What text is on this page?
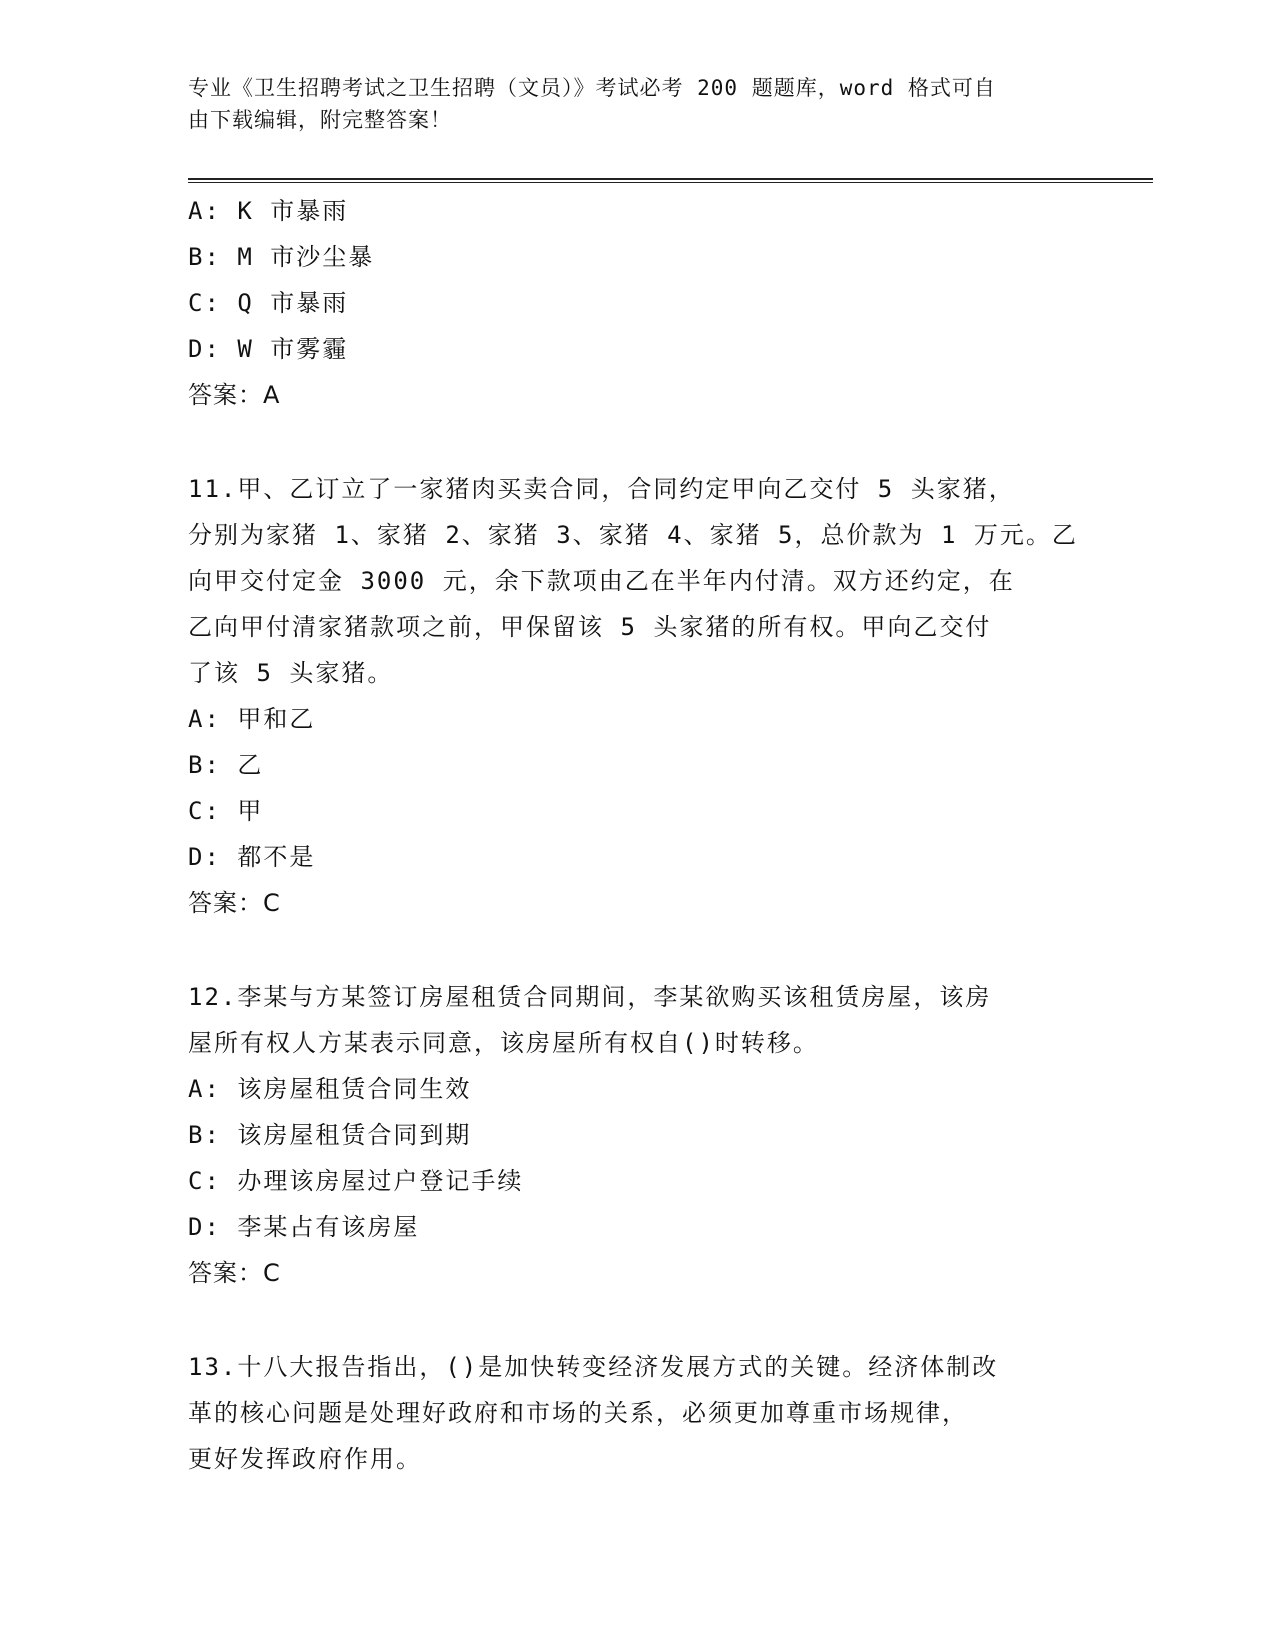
专业《卫生招聘考试之卫生招聘（文员）》考试必考 200 题题库，word 格式可自
由下载编辑，附完整答案！
A: K 市暴雨
B: M 市沙尘暴
C: Q 市暴雨
D: W 市雾霾
答案：A
11.甲、乙订立了一家猪肉买卖合同，合同约定甲向乙交付 5 头家猪，
分别为家猪 1、家猪 2、家猪 3、家猪 4、家猪 5，总价款为 1 万元。乙
向甲交付定金 3000 元，余下款项由乙在半年内付清。双方还约定，在
乙向甲付清家猪款项之前，甲保留该 5 头家猪的所有权。甲向乙交付
了该 5 头家猪。
A: 甲和乙
B: 乙
C: 甲
D: 都不是
答案：C
12.李某与方某签订房屋租赁合同期间，李某欲购买该租赁房屋，该房
屋所有权人方某表示同意，该房屋所有权自()时转移。
A: 该房屋租赁合同生效
B: 该房屋租赁合同到期
C: 办理该房屋过户登记手续
D: 李某占有该房屋
答案：C
13.十八大报告指出，()是加快转变经济发展方式的关键。经济体制改
革的核心问题是处理好政府和市场的关系，必须更加尊重市场规律，
更好发挥政府作用。
